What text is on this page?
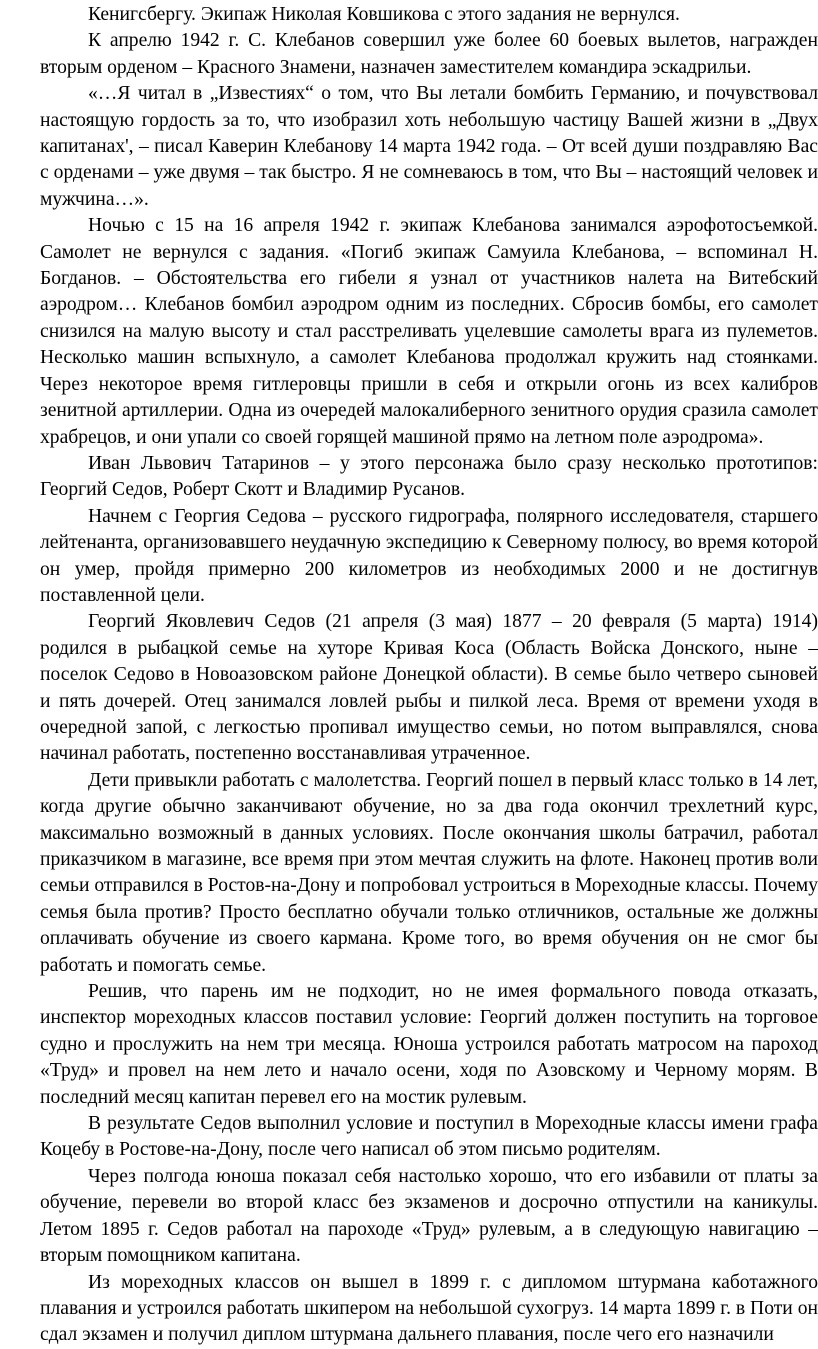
Кенигсбергу. Экипаж Николая Ковшикова с этого задания не вернулся.

К апрелю 1942 г. С. Клебанов совершил уже более 60 боевых вылетов, награжден вторым орденом – Красного Знамени, назначен заместителем командира эскадрильи.

«…Я читал в „Известиях“ о том, что Вы летали бомбить Германию, и почувствовал настоящую гордость за то, что изобразил хоть небольшую частицу Вашей жизни в „Двух капитанах', – писал Каверин Клебанову 14 марта 1942 года. – От всей души поздравляю Вас с орденами – уже двумя – так быстро. Я не сомневаюсь в том, что Вы – настоящий человек и мужчина…».

Ночью с 15 на 16 апреля 1942 г. экипаж Клебанова занимался аэрофотосъемкой. Самолет не вернулся с задания. «Погиб экипаж Самуила Клебанова, – вспоминал Н. Богданов. – Обстоятельства его гибели я узнал от участников налета на Витебский аэродром… Клебанов бомбил аэродром одним из последних. Сбросив бомбы, его самолет снизился на малую высоту и стал расстреливать уцелевшие самолеты врага из пулеметов. Несколько машин вспыхнуло, а самолет Клебанова продолжал кружить над стоянками. Через некоторое время гитлеровцы пришли в себя и открыли огонь из всех калибров зенитной артиллерии. Одна из очередей малокалиберного зенитного орудия сразила самолет храбрецов, и они упали со своей горящей машиной прямо на летном поле аэродрома».

Иван Львович Татаринов – у этого персонажа было сразу несколько прототипов: Георгий Седов, Роберт Скотт и Владимир Русанов.

Начнем с Георгия Седова – русского гидрографа, полярного исследователя, старшего лейтенанта, организовавшего неудачную экспедицию к Северному полюсу, во время которой он умер, пройдя примерно 200 километров из необходимых 2000 и не достигнув поставленной цели.

Георгий Яковлевич Седов (21 апреля (3 мая) 1877 – 20 февраля (5 марта) 1914) родился в рыбацкой семье на хуторе Кривая Коса (Область Войска Донского, ныне – поселок Седово в Новоазовском районе Донецкой области). В семье было четверо сыновей и пять дочерей. Отец занимался ловлей рыбы и пилкой леса. Время от времени уходя в очередной запой, с легкостью пропивал имущество семьи, но потом выправлялся, снова начинал работать, постепенно восстанавливая утраченное.

Дети привыкли работать с малолетства. Георгий пошел в первый класс только в 14 лет, когда другие обычно заканчивают обучение, но за два года окончил трехлетний курс, максимально возможный в данных условиях. После окончания школы батрачил, работал приказчиком в магазине, все время при этом мечтая служить на флоте. Наконец против воли семьи отправился в Ростов-на-Дону и попробовал устроиться в Мореходные классы. Почему семья была против? Просто бесплатно обучали только отличников, остальные же должны оплачивать обучение из своего кармана. Кроме того, во время обучения он не смог бы работать и помогать семье.

Решив, что парень им не подходит, но не имея формального повода отказать, инспектор мореходных классов поставил условие: Георгий должен поступить на торговое судно и прослужить на нем три месяца. Юноша устроился работать матросом на пароход «Труд» и провел на нем лето и начало осени, ходя по Азовскому и Черному морям. В последний месяц капитан перевел его на мостик рулевым.

В результате Седов выполнил условие и поступил в Мореходные классы имени графа Коцебу в Ростове-на-Дону, после чего написал об этом письмо родителям.

Через полгода юноша показал себя настолько хорошо, что его избавили от платы за обучение, перевели во второй класс без экзаменов и досрочно отпустили на каникулы. Летом 1895 г. Седов работал на пароходе «Труд» рулевым, а в следующую навигацию – вторым помощником капитана.

Из мореходных классов он вышел в 1899 г. с дипломом штурмана каботажного плавания и устроился работать шкипером на небольшой сухогруз. 14 марта 1899 г. в Поти он сдал экзамен и получил диплом штурмана дальнего плавания, после чего его назначили
